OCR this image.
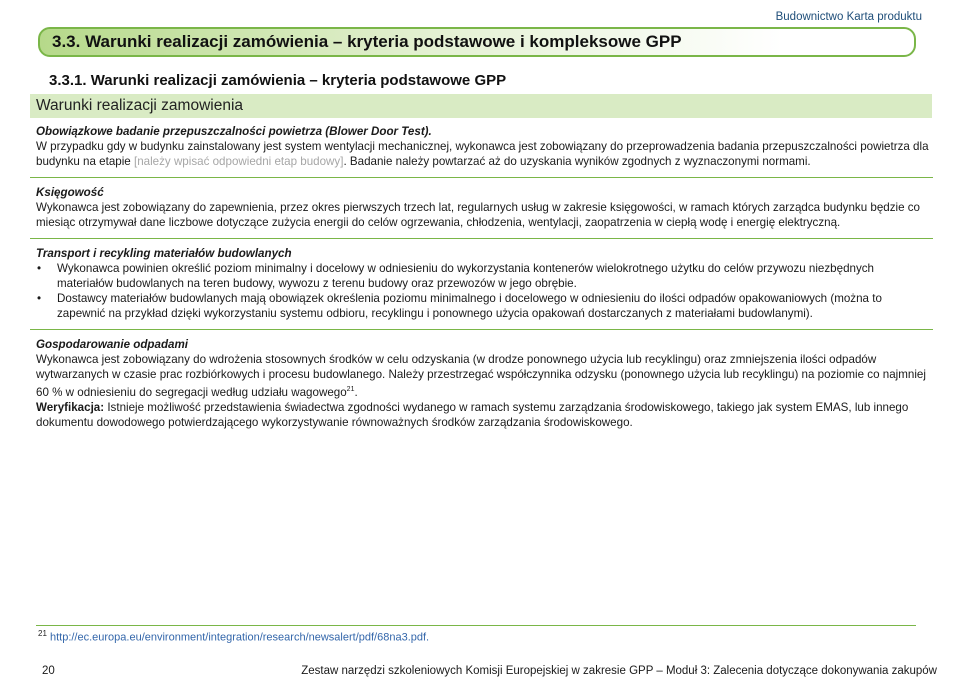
Budownictwo Karta produktu
3.3. Warunki realizacji zamówienia – kryteria podstawowe i kompleksowe GPP
3.3.1. Warunki realizacji zamówienia – kryteria podstawowe GPP
Warunki realizacji zamowienia

Obowiązkowe badanie przepuszczalności powietrza (Blower Door Test).
W przypadku gdy w budynku zainstalowany jest system wentylacji mechanicznej, wykonawca jest zobowiązany do przeprowadzenia badania przepuszczalności powietrza dla budynku na etapie [należy wpisać odpowiedni etap budowy]. Badanie należy powtarzać aż do uzyskania wyników zgodnych z wyznaczonymi normami.

Księgowość

Wykonawca jest zobowiązany do zapewnienia, przez okres pierwszych trzech lat, regularnych usług w zakresie księgowości, w ramach których zarządca budynku będzie co miesiąc otrzymywał dane liczbowe dotyczące zużycia energii do celów ogrzewania, chłodzenia, wentylacji, zaopatrzenia w ciepłą wodę i energię elektryczną.

Transport i recykling materiałów budowlanych

• Wykonawca powinien określić poziom minimalny i docelowy w odniesieniu do wykorzystania kontenerów wielokrotnego użytku do celów przywozu niezbędnych materiałów budowlanych na teren budowy, wywozu z terenu budowy oraz przewozów w jego obrębie.
• Dostawcy materiałów budowlanych mają obowiązek określenia poziomu minimalnego i docelowego w odniesieniu do ilości odpadów opakowaniowych (można to zapewnić na przykład dzięki wykorzystaniu systemu odbioru, recyklingu i ponownego użycia opakowań dostarczanych z materiałami budowlanymi).

Gospodarowanie odpadami

Wykonawca jest zobowiązany do wdrożenia stosownych środków w celu odzyskania (w drodze ponownego użycia lub recyklingu) oraz zmniejszenia ilości odpadów wytwarzanych w czasie prac rozbiórkowych i procesu budowlanego. Należy przestrzegać współczynnika odzysku (ponownego użycia lub recyklingu) na poziomie co najmniej 60 % w odniesieniu do segregacji według udziału wagowego$^{21}$.

Weryfikacja: Istnieje możliwość przedstawienia świadectwa zgodności wydanego w ramach systemu zarządzania środowiskowego, takiego jak system EMAS, lub innego dokumentu dowodowego potwierdzającego wykorzystywanie równoważnych środków zarządzania środowiskowego.

$^{21}$ http://ec.europa.eu/environment/integration/research/newsalert/pdf/68na3.pdf.
20	Zestaw narzędzi szkoleniowych Komisji Europejskiej w zakresie GPP – Moduł 3: Zalecenia dotyczące dokonywania zakupów
